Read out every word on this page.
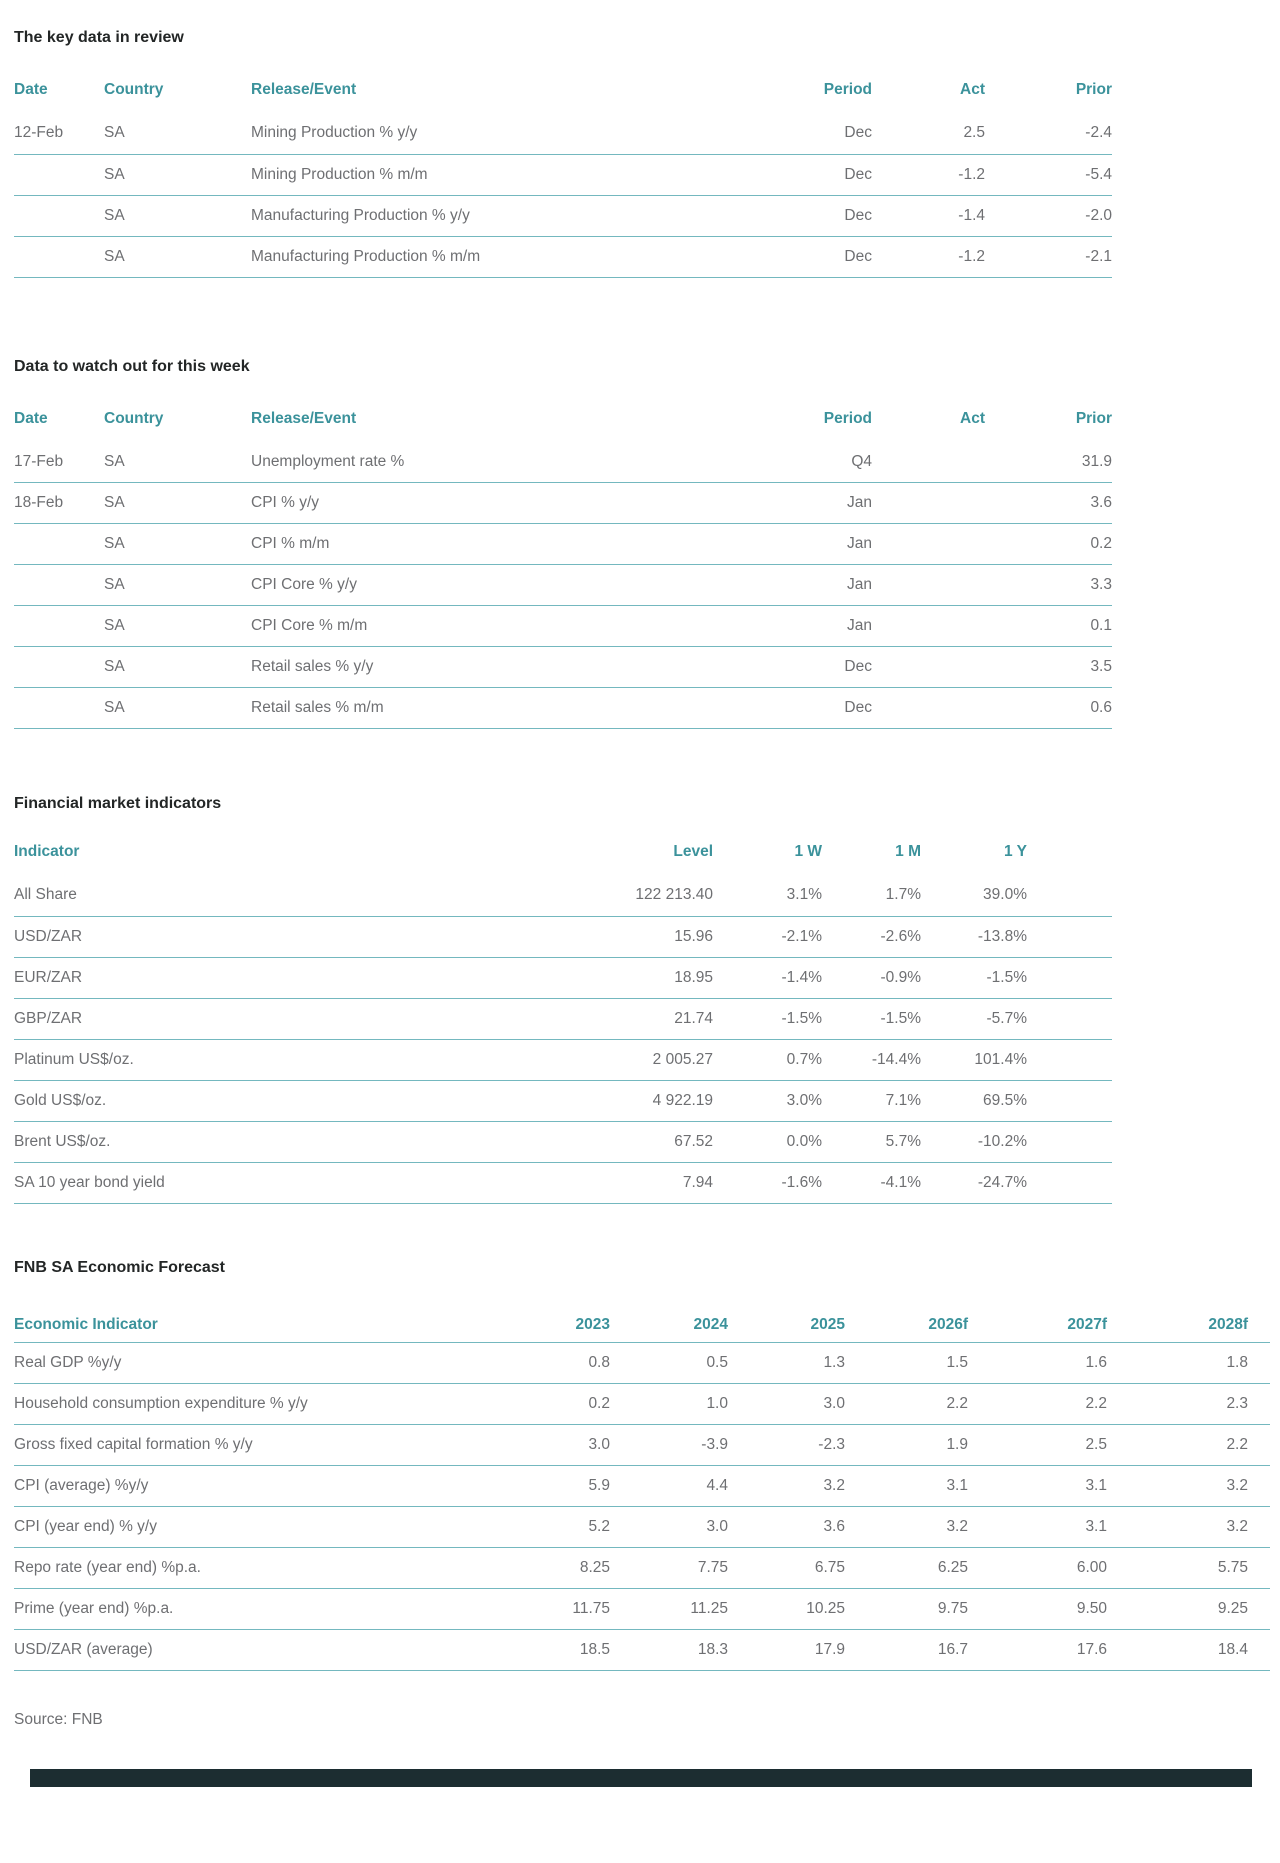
The key data in review
Date	Country	Release/Event	Period	Act	Prior
12-Feb	SA	Mining Production % y/y	Dec	2.5	-2.4
	SA	Mining Production % m/m	Dec	-1.2	-5.4
	SA	Manufacturing Production % y/y	Dec	-1.4	-2.0
	SA	Manufacturing Production % m/m	Dec	-1.2	-2.1
Data to watch out for this week
Date	Country	Release/Event	Period	Act	Prior
17-Feb	SA	Unemployment rate %	Q4		31.9
18-Feb	SA	CPI % y/y	Jan		3.6
	SA	CPI % m/m	Jan		0.2
	SA	CPI Core % y/y	Jan		3.3
	SA	CPI Core % m/m	Jan		0.1
	SA	Retail sales % y/y	Dec		3.5
	SA	Retail sales % m/m	Dec		0.6
Financial market indicators
Indicator	Level	1 W	1 M	1 Y
All Share	122 213.40	3.1%	1.7%	39.0%
USD/ZAR	15.96	-2.1%	-2.6%	-13.8%
EUR/ZAR	18.95	-1.4%	-0.9%	-1.5%
GBP/ZAR	21.74	-1.5%	-1.5%	-5.7%
Platinum US$/oz.	2 005.27	0.7%	-14.4%	101.4%
Gold US$/oz.	4 922.19	3.0%	7.1%	69.5%
Brent US$/oz.	67.52	0.0%	5.7%	-10.2%
SA 10 year bond yield	7.94	-1.6%	-4.1%	-24.7%
FNB SA Economic Forecast
Economic Indicator	2023	2024	2025	2026f	2027f	2028f
Real GDP %y/y	0.8	0.5	1.3	1.5	1.6	1.8
Household consumption expenditure % y/y	0.2	1.0	3.0	2.2	2.2	2.3
Gross fixed capital formation % y/y	3.0	-3.9	-2.3	1.9	2.5	2.2
CPI (average) %y/y	5.9	4.4	3.2	3.1	3.1	3.2
CPI (year end) % y/y	5.2	3.0	3.6	3.2	3.1	3.2
Repo rate (year end) %p.a.	8.25	7.75	6.75	6.25	6.00	5.75
Prime (year end) %p.a.	11.75	11.25	10.25	9.75	9.50	9.25
USD/ZAR (average)	18.5	18.3	17.9	16.7	17.6	18.4

Source: FNB
